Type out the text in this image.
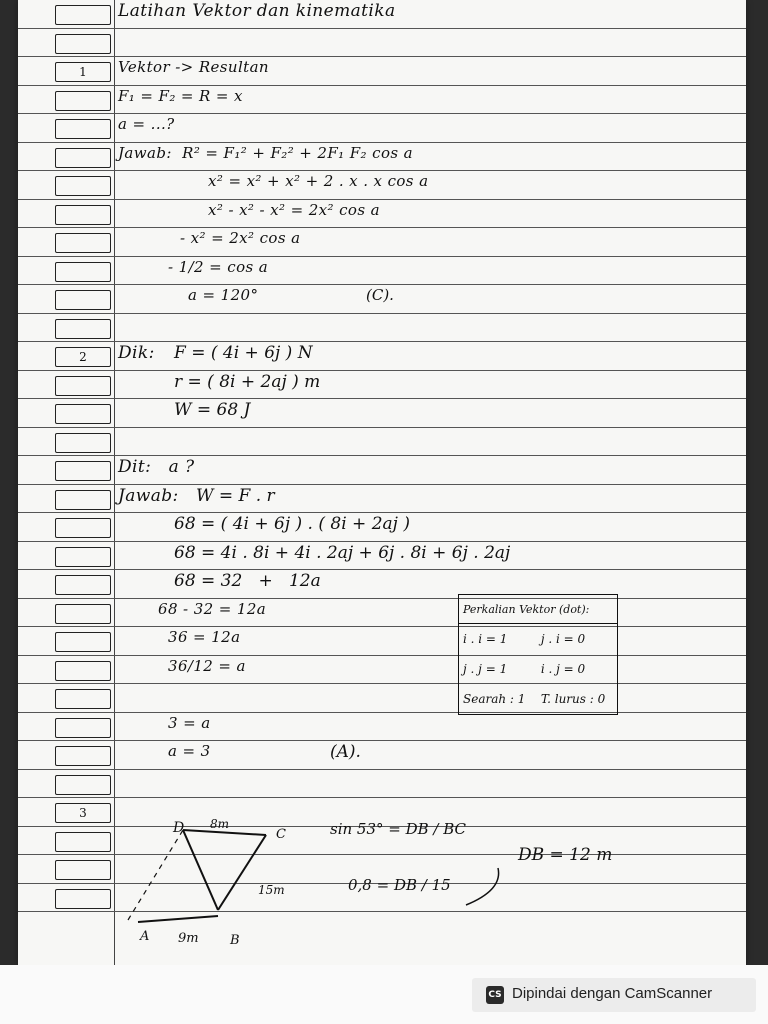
Latihan Vektor dan kinematika
1	Vektor -> Resultan
F₁ = F₂ = R = x
a = ...?
Jawab:  R² = F₁² + F₂² + 2F₁ F₂ cos a
x² = x² + x² + 2 . x . x cos a
x² - x² - x² = 2x² cos a
- x² = 2x² cos a
- 1/2 = cos a
a = 120°	(C).
2	Dik: F = ( 4i + 6j ) N
r = ( 8i + 2aj ) m
W = 68 J
Dit:   a ?
Jawab: W = F . r
68 = ( 4i + 6j ) . ( 8i + 2aj )
68 = 4i . 8i + 4i . 2aj + 6j . 8i + 6j . 2aj
68 = 32   +   12a
68 - 32 = 12a
36 = 12a
36/12 = a
3 = a
a = 3	(A).
3
Perkalian Vektor (dot):	
i . i = 1	j . i = 0
j . j = 1	i . j = 0
Searah : 1	T. lurus : 0
D	C
8m
15m
A 9m B
sin 53° = DB / BC
0,8 = DB / 15
DB = 12 m
CS Dipindai dengan CamScanner
